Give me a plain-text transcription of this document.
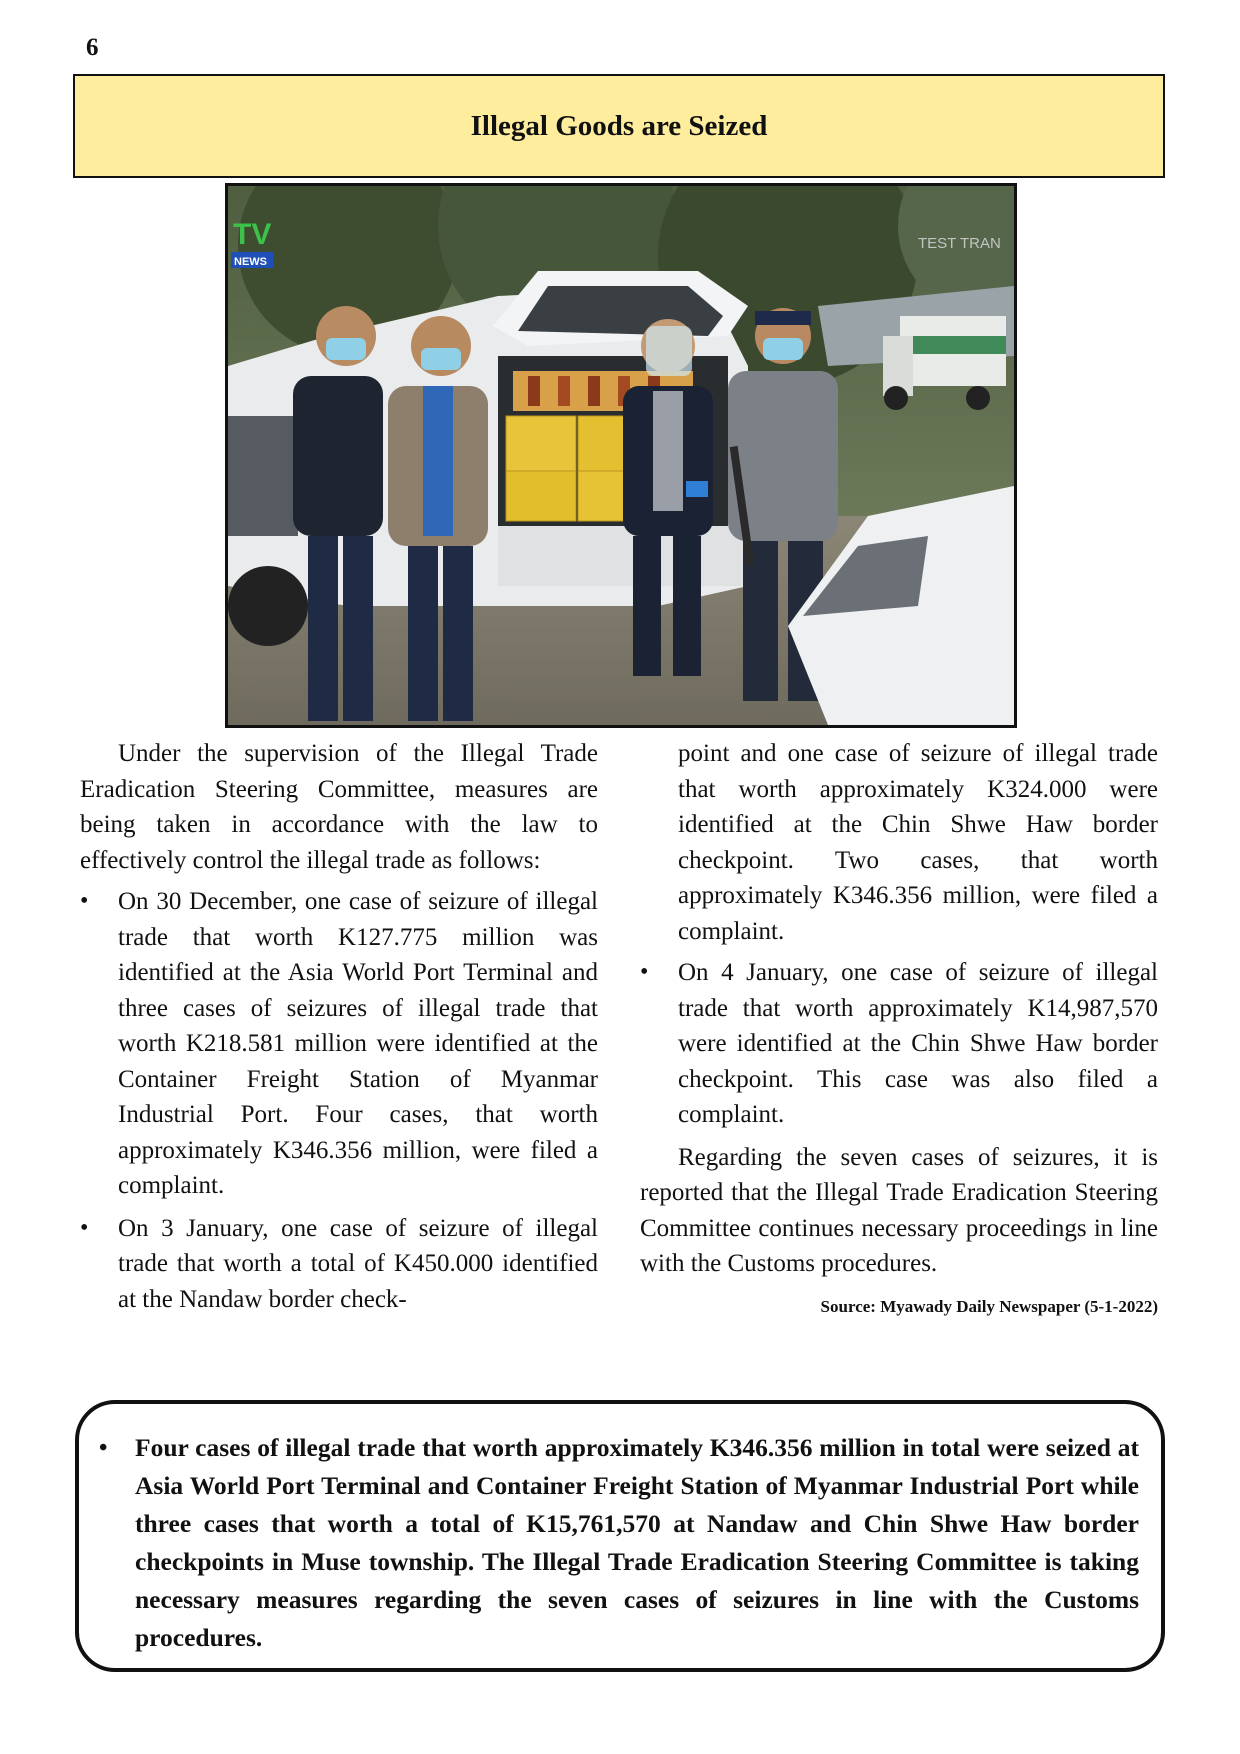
6
Illegal Goods are Seized
TV
NEWS
TEST TRAN

Under the supervision of the Illegal Trade Eradication Steering Committee, measures are being taken in accordance with the law to effectively control the illegal trade as follows:

• On 30 December, one case of seizure of illegal trade that worth K127.775 million was identified at the Asia World Port Terminal and three cases of seizures of illegal trade that worth K218.581 million were identified at the Container Freight Station of Myanmar Industrial Port. Four cases, that worth approximately K346.356 million, were filed a complaint.
• On 3 January, one case of seizure of illegal trade that worth a total of K450.000 identified at the Nandaw border check-

point and one case of seizure of illegal trade that worth approximately K324.000 were identified at the Chin Shwe Haw border checkpoint. Two cases, that worth approximately K346.356 million, were filed a complaint.

• On 4 January, one case of seizure of illegal trade that worth approximately K14,987,570 were identified at the Chin Shwe Haw border checkpoint. This case was also filed a complaint.

Regarding the seven cases of seizures, it is reported that the Illegal Trade Eradication Steering Committee continues necessary proceedings in line with the Customs procedures.

Source: Myawady Daily Newspaper (5-1-2022)

• Four cases of illegal trade that worth approximately K346.356 million in total were seized at Asia World Port Terminal and Container Freight Station of Myanmar Industrial Port while three cases that worth a total of K15,761,570 at Nandaw and Chin Shwe Haw border checkpoints in Muse township. The Illegal Trade Eradication Steering Committee is taking necessary measures regarding the seven cases of seizures in line with the Customs procedures.
